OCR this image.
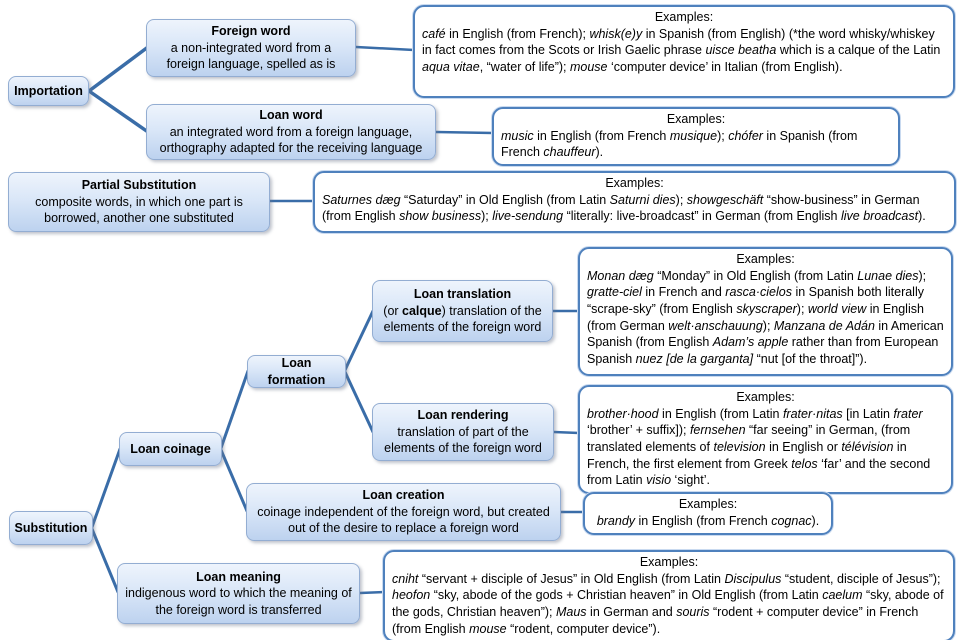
Importation
Foreign word
a non-integrated word from a foreign language, spelled as is
Loan word
an integrated word from a foreign language, orthography adapted for the receiving language
Partial Substitution
composite words, in which one part is borrowed, another one substituted
Substitution
Loan coinage
Loan formation
Loan translation
(or calque) translation of the elements of the foreign word
Loan rendering
translation of part of the elements of the foreign word
Loan creation
coinage independent of the foreign word, but created out of the desire to replace a foreign word
Loan meaning
indigenous word to which the meaning of the foreign word is transferred
Examples:
café in English (from French); whisk(e)y in Spanish (from English) (*the word whisky/whiskey in fact comes from the Scots or Irish Gaelic phrase uisce beatha which is a calque of the Latin aqua vitae, “water of life”); mouse ‘computer device’ in Italian (from English).
Examples:
music in English (from French musique); chófer in Spanish (from French chauffeur).
Examples:
Saturnes dæg “Saturday” in Old English (from Latin Saturni dies); showgeschäft “show-business” in German (from English show business); live-sendung “literally: live-broadcast” in German (from English live broadcast).
Examples:
Monan dæg “Monday” in Old English (from Latin Lunae dies); gratte-ciel in French and rasca·cielos in Spanish both literally “scrape-sky” (from English skyscraper); world view in English (from German welt·anschauung); Manzana de Adán in American Spanish (from English Adam’s apple rather than from European Spanish nuez [de la garganta] “nut [of the throat]”).
Examples:
brother·hood in English (from Latin frater·nitas [in Latin frater ‘brother’ + suffix]); fernsehen “far seeing” in German, (from translated elements of television in English or télévision in French, the first element from Greek telos ‘far’ and the second from Latin visio ‘sight’.
Examples:
brandy in English (from French cognac).
Examples:
cniht “servant + disciple of Jesus” in Old English (from Latin Discipulus “student, disciple of Jesus”); heofon “sky, abode of the gods + Christian heaven” in Old English (from Latin caelum “sky, abode of the gods, Christian heaven”); Maus in German and souris “rodent + computer device” in French (from English mouse “rodent, computer device”).
